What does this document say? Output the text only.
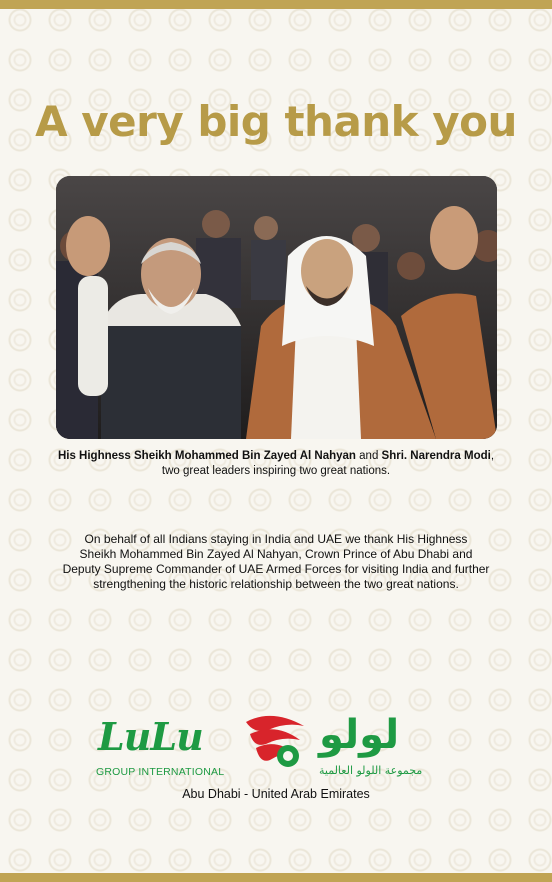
A very big thank you
His Highness Sheikh Mohammed Bin Zayed Al Nahyan and Shri. Narendra Modi,
two great leaders inspiring two great nations.
On behalf of all Indians staying in India and UAE we thank His Highness
Sheikh Mohammed Bin Zayed Al Nahyan, Crown Prince of Abu Dhabi and
Deputy Supreme Commander of UAE Armed Forces for visiting India and further
strengthening the historic relationship between the two great nations.
LuLu	لولو
GROUP INTERNATIONAL	مجموعة اللولو العالمية
Abu Dhabi - United Arab Emirates
